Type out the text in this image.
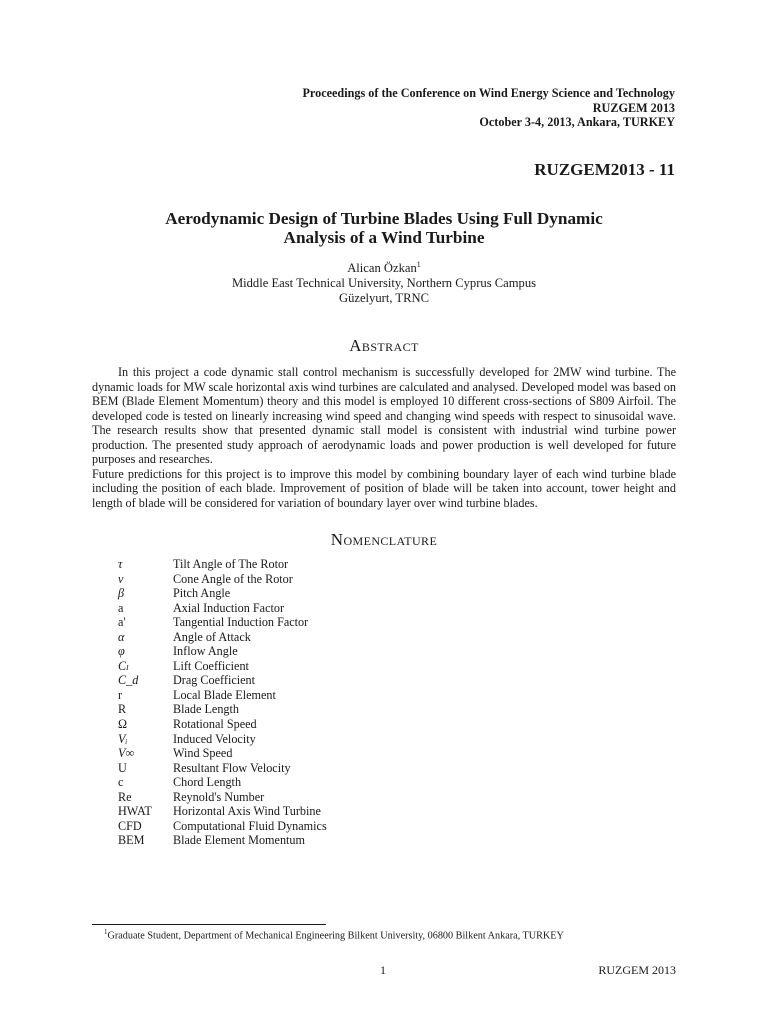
Proceedings of the Conference on Wind Energy Science and Technology
RUZGEM 2013
October 3-4, 2013, Ankara, TURKEY
RUZGEM2013 - 11
Aerodynamic Design of Turbine Blades Using Full Dynamic
Analysis of a Wind Turbine
Alican Özkan$^1$
Middle East Technical University, Northern Cyprus Campus
Güzelyurt, TRNC
Abstract

In this project a code dynamic stall control mechanism is successfully developed for 2MW wind turbine. The dynamic loads for MW scale horizontal axis wind turbines are calculated and analysed. Developed model was based on BEM (Blade Element Momentum) theory and this model is employed 10 different cross-sections of S809 Airfoil. The developed code is tested on linearly increasing wind speed and changing wind speeds with respect to sinusoidal wave. The research results show that presented dynamic stall model is consistent with industrial wind turbine power production. The presented study approach of aerodynamic loads and power production is well developed for future purposes and researches.

Future predictions for this project is to improve this model by combining boundary layer of each wind turbine blade including the position of each blade. Improvement of position of blade will be taken into account, tower height and length of blade will be considered for variation of boundary layer over wind turbine blades.

Nomenclature
τ	Tilt Angle of The Rotor
ν	Cone Angle of the Rotor
β	Pitch Angle
a	Axial Induction Factor
a'	Tangential Induction Factor
α	Angle of Attack
φ	Inflow Angle
Cₗ	Lift Coefficient
C_d	Drag Coefficient
r	Local Blade Element
R	Blade Length
Ω	Rotational Speed
Vᵢ	Induced Velocity
V∞	Wind Speed
U	Resultant Flow Velocity
c	Chord Length
Re	Reynold's Number
HWAT	Horizontal Axis Wind Turbine
CFD	Computational Fluid Dynamics
BEM	Blade Element Momentum
$^1$Graduate Student, Department of Mechanical Engineering Bilkent University, 06800 Bilkent Ankara, TURKEY
1	RUZGEM 2013
